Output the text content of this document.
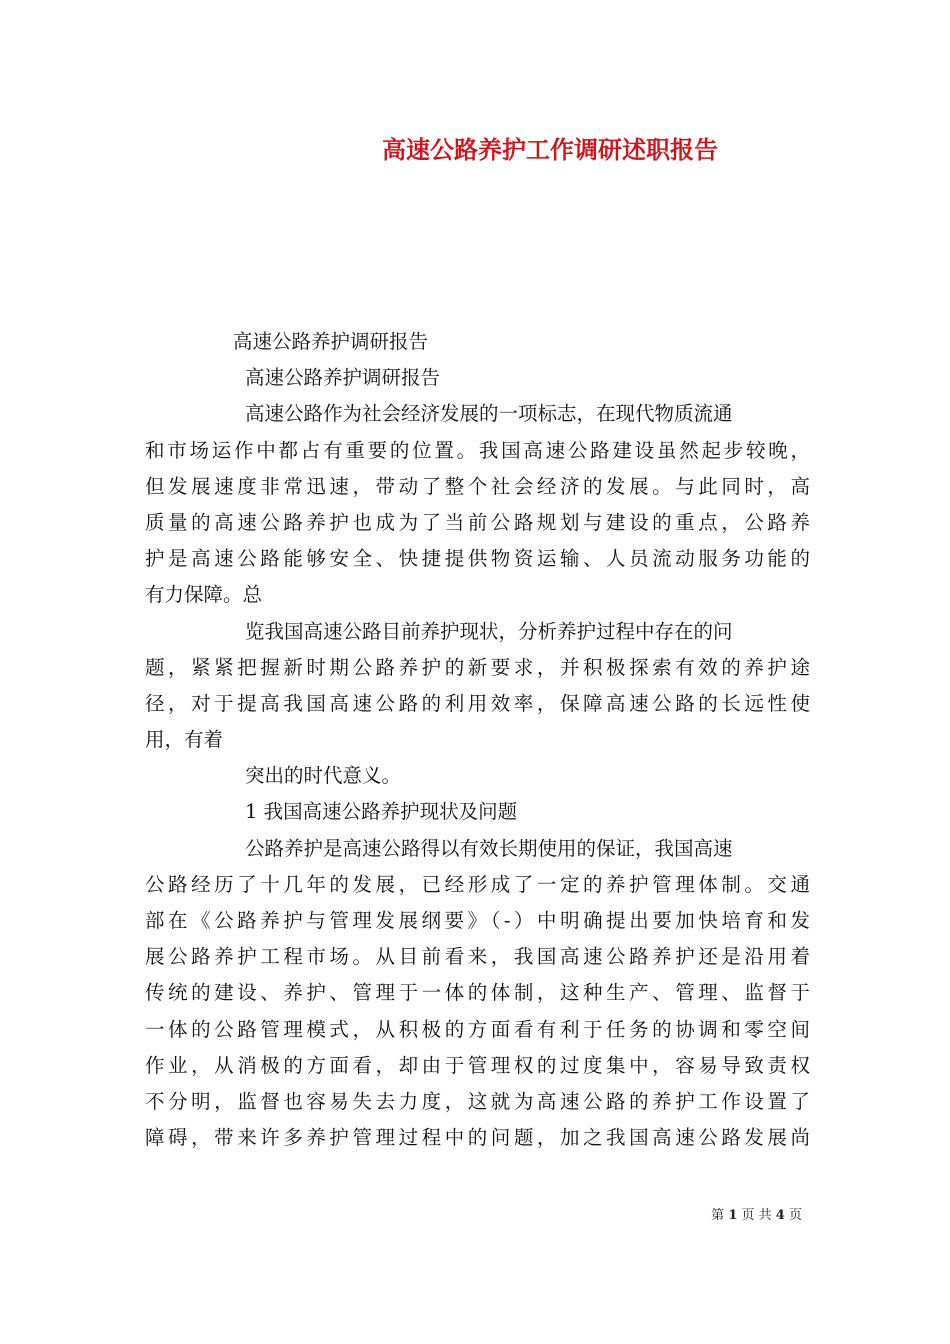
高速公路养护工作调研述职报告
高速公路养护调研报告
高速公路养护调研报告
高速公路作为社会经济发展的一项标志，在现代物质流通
和市场运作中都占有重要的位置。我国高速公路建设虽然起步较晚，
但发展速度非常迅速，带动了整个社会经济的发展。与此同时，高
质量的高速公路养护也成为了当前公路规划与建设的重点，公路养
护是高速公路能够安全、快捷提供物资运输、人员流动服务功能的
有力保障。总
览我国高速公路目前养护现状，分析养护过程中存在的问
题，紧紧把握新时期公路养护的新要求，并积极探索有效的养护途
径，对于提高我国高速公路的利用效率，保障高速公路的长远性使
用，有着
突出的时代意义。
1 我国高速公路养护现状及问题
公路养护是高速公路得以有效长期使用的保证，我国高速
公路经历了十几年的发展，已经形成了一定的养护管理体制。交通
部在《公路养护与管理发展纲要》（-）中明确提出要加快培育和发
展公路养护工程市场。从目前看来，我国高速公路养护还是沿用着
传统的建设、养护、管理于一体的体制，这种生产、管理、监督于
一体的公路管理模式，从积极的方面看有利于任务的协调和零空间
作业，从消极的方面看，却由于管理权的过度集中，容易导致责权
不分明，监督也容易失去力度，这就为高速公路的养护工作设置了
障碍，带来许多养护管理过程中的问题，加之我国高速公路发展尚
第 1 页 共 4 页
